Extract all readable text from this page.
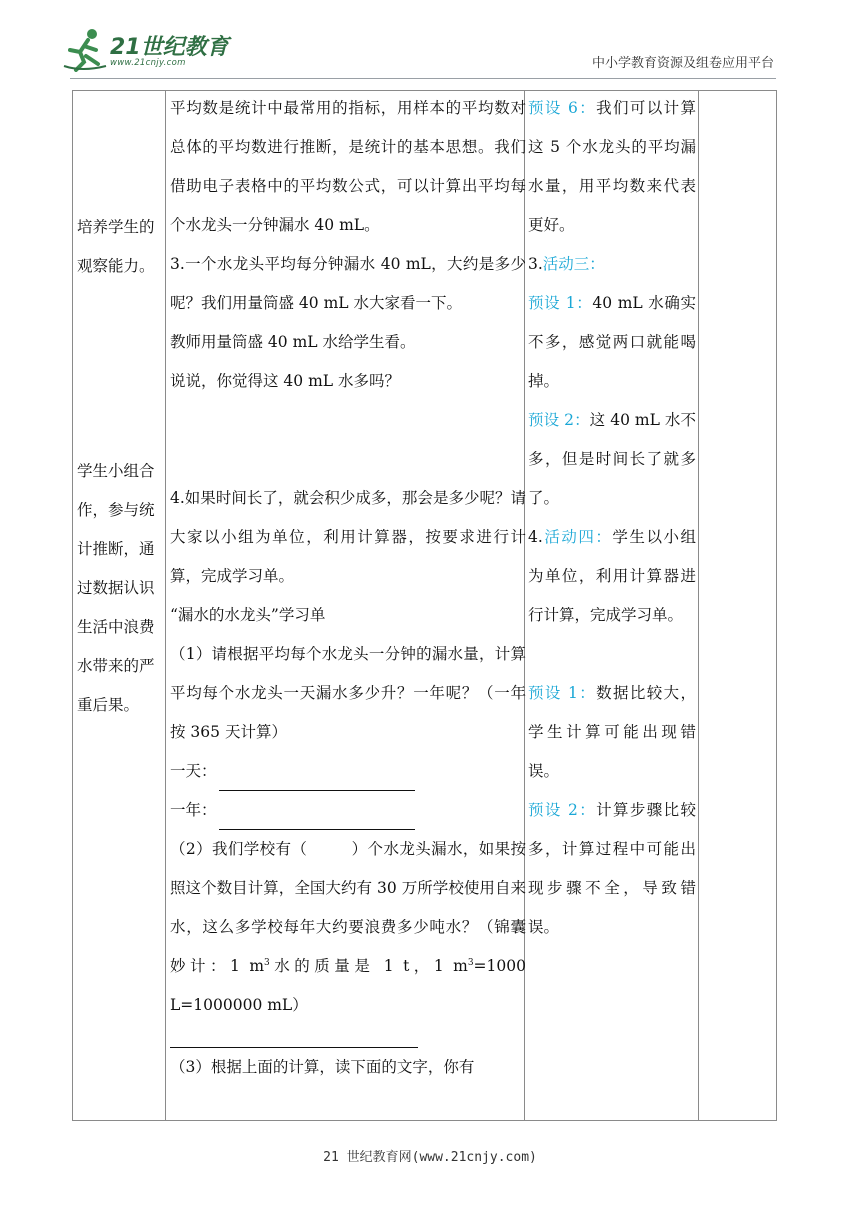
21世纪教育
www.21cnjy.com	中小学教育资源及组卷应用平台
培养学生的
观察能力。
学生小组合
作，参与统
计推断，通
过数据认识
生活中浪费
水带来的严
重后果。

平均数是统计中最常用的指标，用样本的平均数对总体的平均数进行推断，是统计的基本思想。我们借助电子表格中的平均数公式，可以计算出平均每个水龙头一分钟漏水 40 mL。

3.一个水龙头平均每分钟漏水 40 mL，大约是多少呢？我们用量筒盛 40 mL 水大家看一下。

教师用量筒盛 40 mL 水给学生看。

说说，你觉得这 40 mL 水多吗？

4.如果时间长了，就会积少成多，那会是多少呢？请大家以小组为单位，利用计算器，按要求进行计算，完成学习单。

“漏水的水龙头”学习单

（1）请根据平均每个水龙头一分钟的漏水量，计算平均每个水龙头一天漏水多少升？一年呢？（一年按 365 天计算）

一天：

一年：

（2）我们学校有（	）个水龙头漏水，如果按照这个数目计算，全国大约有 30 万所学校使用自来水，这么多学校每年大约要浪费多少吨水？（锦囊妙计：1 $m^3$水的质量是 1 t，1 $m^3=1000$ L=1000000 mL）

（3）根据上面的计算，读下面的文字，你有

预设 6：我们可以计算这 5 个水龙头的平均漏水量，用平均数来代表更好。

3.活动三：

预设 1：40 mL 水确实不多，感觉两口就能喝掉。

预设 2：这 40 mL 水不多，但是时间长了就多了。

4.活动四：学生以小组为单位，利用计算器进行计算，完成学习单。

预设 1：数据比较大，学生计算可能出现错误。

预设 2：计算步骤比较多，计算过程中可能出现步骤不全，导致错误。

21 世纪教育网(www.21cnjy.com)
